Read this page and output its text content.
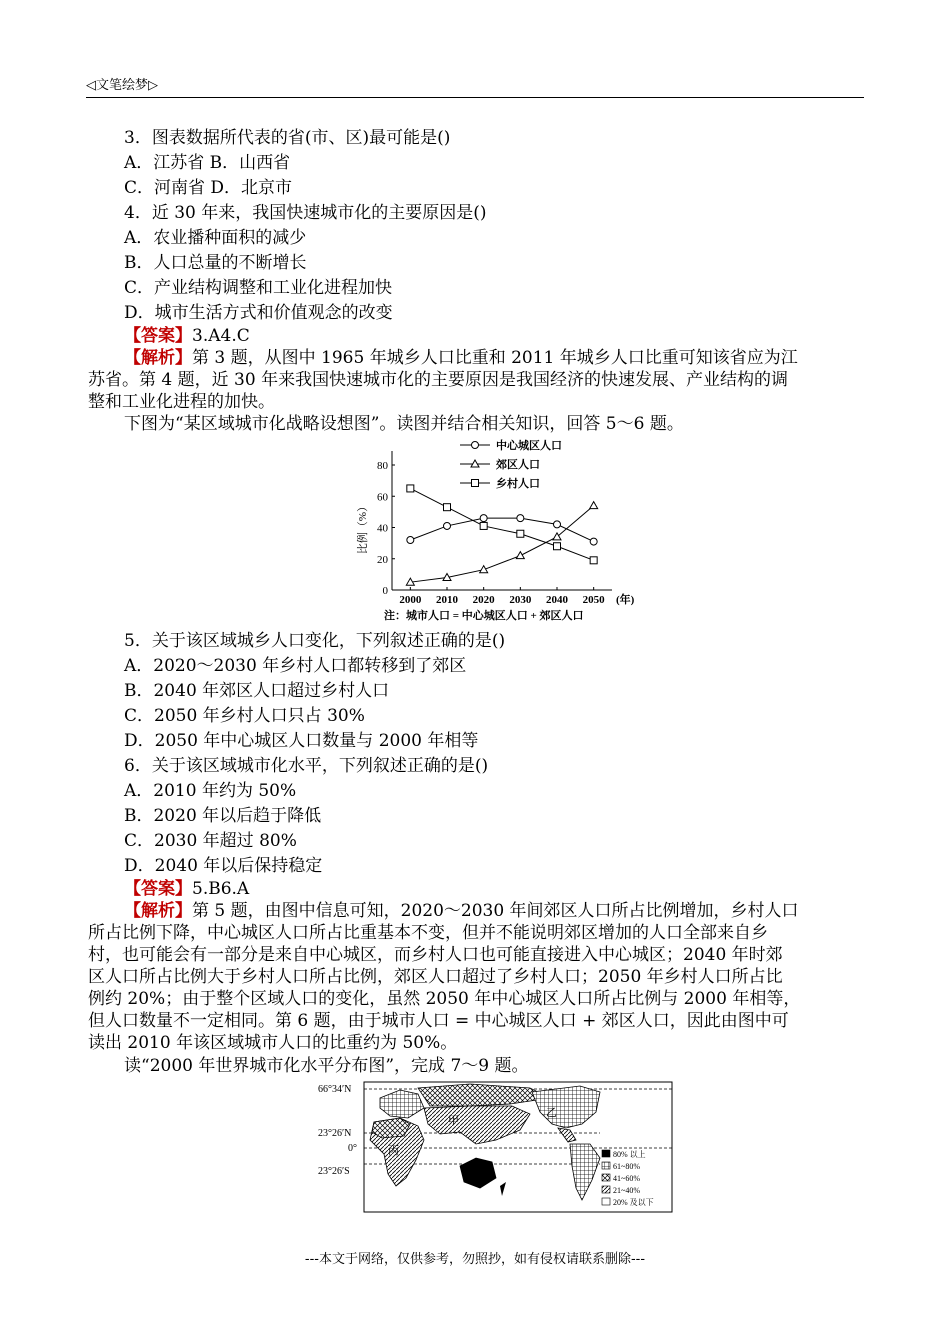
◁文笔绘梦▷
3．图表数据所代表的省(市、区)最可能是()
A．江苏省 B．山西省
C．河南省 D．北京市
4．近 30 年来，我国快速城市化的主要原因是()
A．农业播种面积的减少
B．人口总量的不断增长
C．产业结构调整和工业化进程加快
D．城市生活方式和价值观念的改变
【答案】3.A4.C
【解析】第 3 题，从图中 1965 年城乡人口比重和 2011 年城乡人口比重可知该省应为江
苏省。第 4 题，近 30 年来我国快速城市化的主要原因是我国经济的快速发展、产业结构的调
整和工业化进程的加快。
下图为“某区域城市化战略设想图”。读图并结合相关知识，回答 5～6 题。
中心城区人口
郊区人口
乡村人口
0
20
40
60
80
2000 2010 2020 2030 2040 2050 (年)
比例（%）
注：城市人口 = 中心城区人口 + 郊区人口
5．关于该区域城乡人口变化，下列叙述正确的是()
A．2020～2030 年乡村人口都转移到了郊区
B．2040 年郊区人口超过乡村人口
C．2050 年乡村人口只占 30%
D．2050 年中心城区人口数量与 2000 年相等
6．关于该区域城市化水平，下列叙述正确的是()
A．2010 年约为 50%
B．2020 年以后趋于降低
C．2030 年超过 80%
D．2040 年以后保持稳定
【答案】5.B6.A
【解析】第 5 题，由图中信息可知，2020～2030 年间郊区人口所占比例增加，乡村人口
所占比例下降，中心城区人口所占比重基本不变，但并不能说明郊区增加的人口全部来自乡
村，也可能会有一部分是来自中心城区，而乡村人口也可能直接进入中心城区；2040 年时郊
区人口所占比例大于乡村人口所占比例，郊区人口超过了乡村人口；2050 年乡村人口所占比
例约 20%；由于整个区域人口的变化，虽然 2050 年中心城区人口所占比例与 2000 年相等，
但人口数量不一定相同。第 6 题，由于城市人口 = 中心城区人口 + 郊区人口，因此由图中可
读出 2010 年该区域城市人口的比重约为 50%。
读“2000 年世界城市化水平分布图”，完成 7～9 题。
66°34′N
23°26′N
0°
23°26′S
甲
乙
丙	80% 以上
61~80%
41~60%
21~40%
20% 及以下
---本文于网络，仅供参考，勿照抄，如有侵权请联系删除---
